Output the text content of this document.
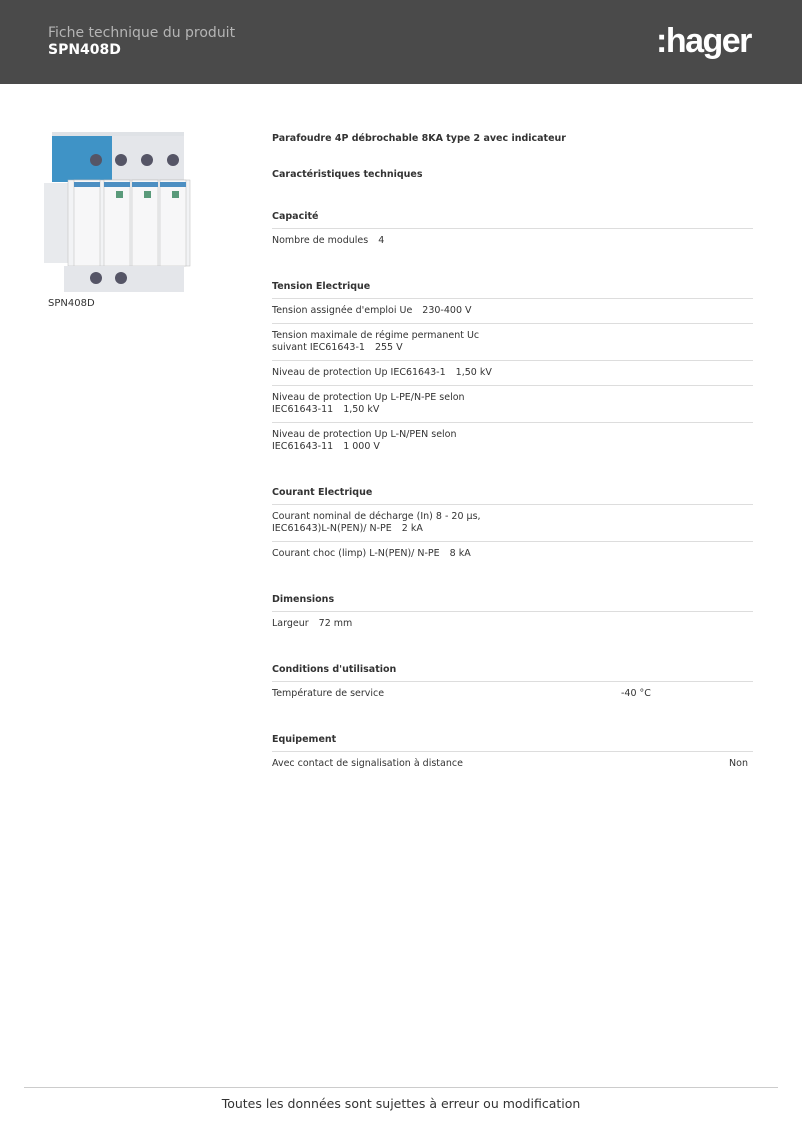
Fiche technique du produit
SPN408D	:hager
SPN408D
Parafoudre 4P débrochable 8KA type 2 avec indicateur
Caractéristiques techniques
Capacité
Nombre de modules 4
Tension Electrique
Tension assignée d'emploi Ue 230-400 V
Tension maximale de régime permanent Uc suivant IEC61643-1 255 V
Niveau de protection Up IEC61643-1 1,50 kV
Niveau de protection Up L-PE/N-PE selon IEC61643-11 1,50 kV
Niveau de protection Up L-N/PEN selon IEC61643-11 1 000 V
Courant Electrique
Courant nominal de décharge (In) 8 - 20 µs, IEC61643)L-N(PEN)/ N-PE 2 kA
Courant choc (limp) L-N(PEN)/ N-PE 8 kA
Dimensions
Largeur 72 mm
Conditions d'utilisation
Température de service	-40 °C
Equipement
Avec contact de signalisation à distance	Non
Toutes les données sont sujettes à erreur ou modification
